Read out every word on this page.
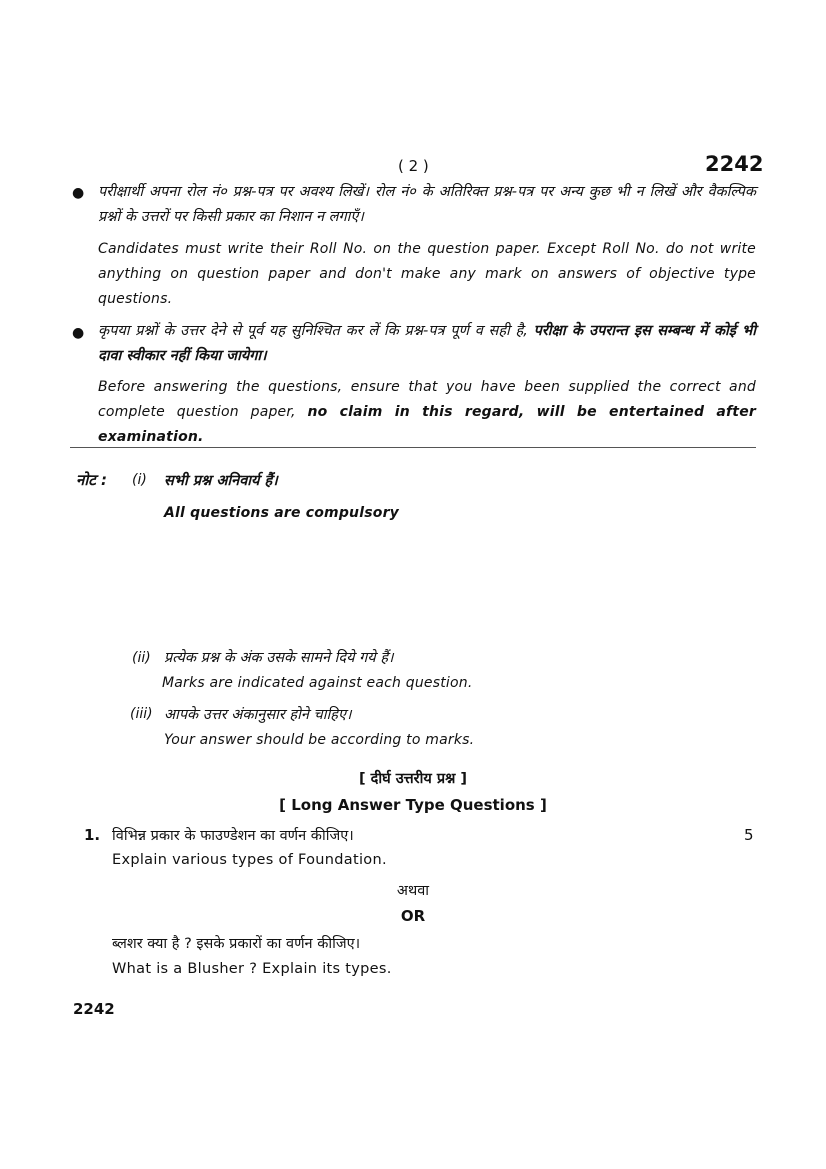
( 2 )	2242
● परीक्षार्थी अपना रोल नं० प्रश्न-पत्र पर अवश्य लिखें। रोल नं० के अतिरिक्त प्रश्न-पत्र पर अन्य कुछ भी न लिखें और वैकल्पिक प्रश्नों के उत्तरों पर किसी प्रकार का निशान न लगाएँ।
Candidates must write their Roll No. on the question paper. Except Roll No. do not write anything on question paper and don't make any mark on answers of objective type questions.
● कृपया प्रश्नों के उत्तर देने से पूर्व यह सुनिश्चित कर लें कि प्रश्न-पत्र पूर्ण व सही है, परीक्षा के उपरान्त इस सम्बन्ध में कोई भी दावा स्वीकार नहीं किया जायेगा।
Before answering the questions, ensure that you have been supplied the correct and complete question paper, no claim in this regard, will be entertained after examination.
नोट : (i) सभी प्रश्न अनिवार्य हैं।
All questions are compulsory
(ii) प्रत्येक प्रश्न के अंक उसके सामने दिये गये हैं।
Marks are indicated against each question.
(iii) आपके उत्तर अंकानुसार होने चाहिए।
Your answer should be according to marks.
[ दीर्घ उत्तरीय प्रश्न ]
[ Long Answer Type Questions ]
1. विभिन्न प्रकार के फाउण्डेशन का वर्णन कीजिए।	5
Explain various types of Foundation.
अथवा
OR
ब्लशर क्या है ? इसके प्रकारों का वर्णन कीजिए।
What is a Blusher ? Explain its types.
2242
